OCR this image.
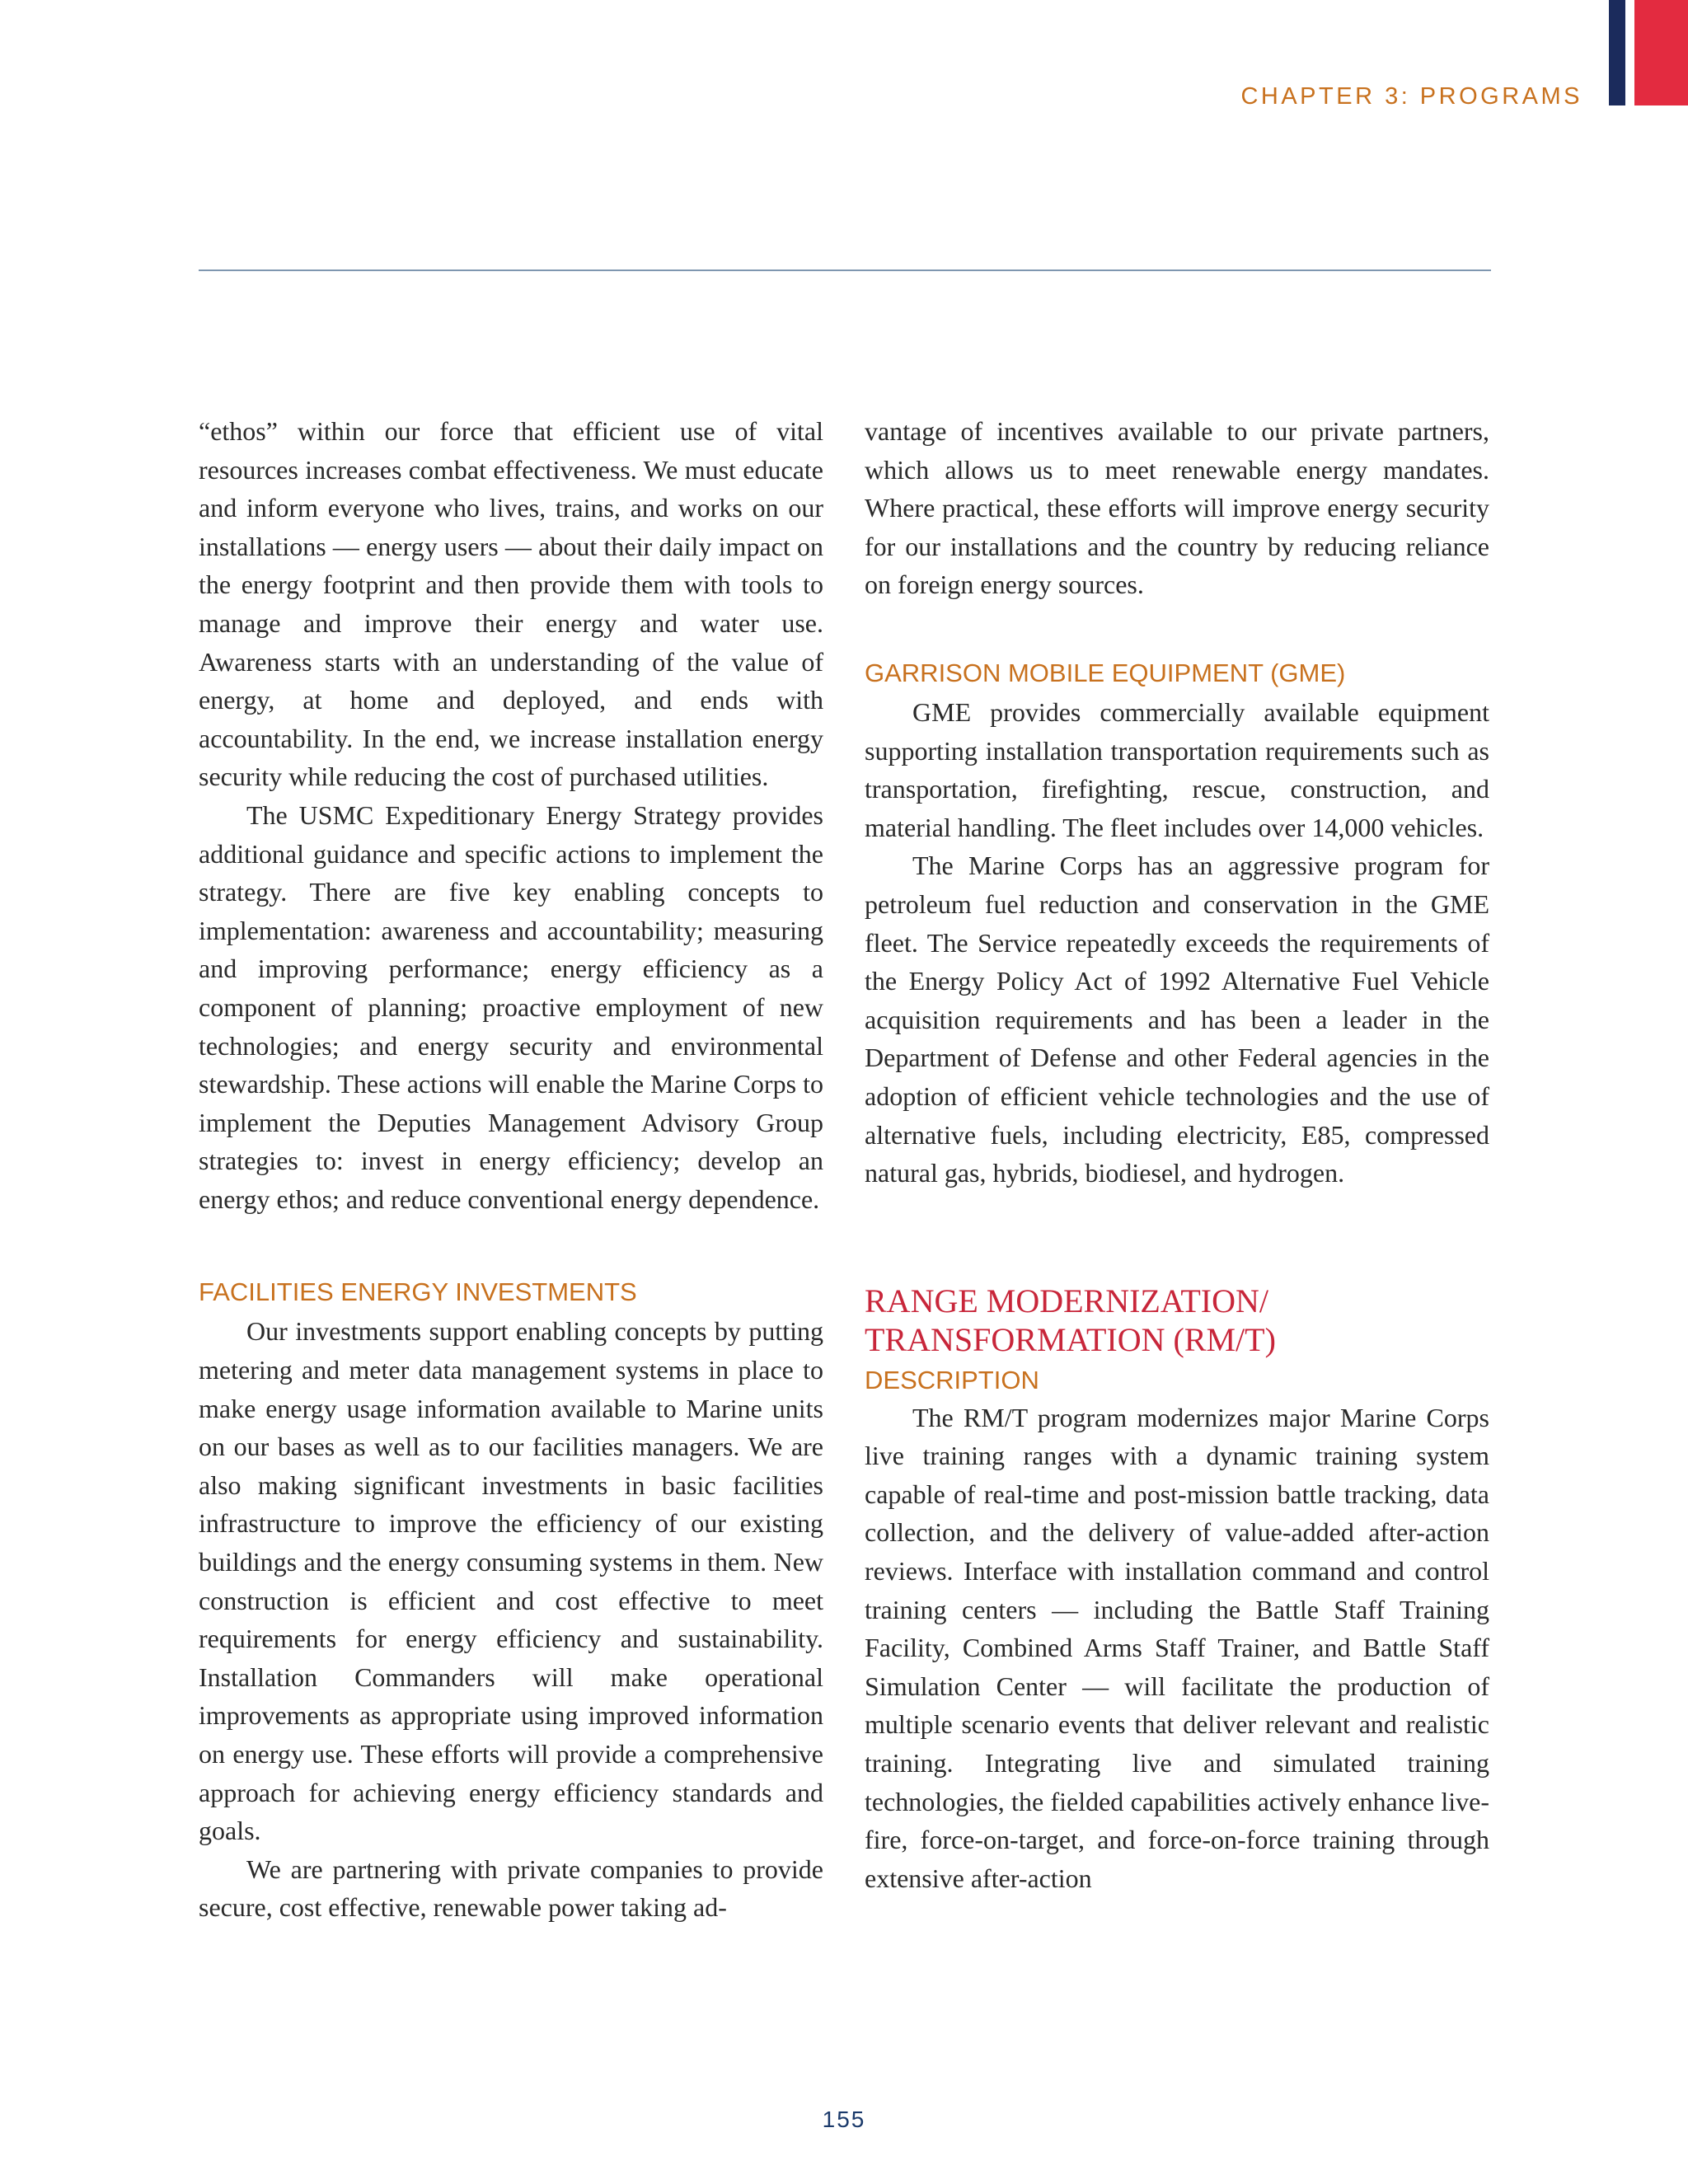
CHAPTER 3: PROGRAMS

“ethos” within our force that efficient use of vital resources increases combat effectiveness. We must educate and inform everyone who lives, trains, and works on our installations — energy users — about their daily impact on the energy footprint and then provide them with tools to manage and improve their energy and water use. Awareness starts with an understanding of the value of energy, at home and deployed, and ends with accountability. In the end, we increase installation energy security while reducing the cost of purchased utilities.

The USMC Expeditionary Energy Strategy provides additional guidance and specific actions to implement the strategy. There are five key enabling concepts to implementation: awareness and accountability; measuring and improving performance; energy efficiency as a component of planning; proactive employment of new technologies; and energy security and environmental stewardship. These actions will enable the Marine Corps to implement the Deputies Management Advisory Group strategies to: invest in energy efficiency; develop an energy ethos; and reduce conventional energy dependence.

FACILITIES ENERGY INVESTMENTS

Our investments support enabling concepts by putting metering and meter data management systems in place to make energy usage information available to Marine units on our bases as well as to our facilities managers. We are also making significant investments in basic facilities infrastructure to improve the efficiency of our existing buildings and the energy consuming systems in them. New construction is efficient and cost effective to meet requirements for energy efficiency and sustainability. Installation Commanders will make operational improvements as appropriate using improved information on energy use. These efforts will provide a comprehensive approach for achieving energy efficiency standards and goals.

We are partnering with private companies to provide secure, cost effective, renewable power taking ad-

vantage of incentives available to our private partners, which allows us to meet renewable energy mandates. Where practical, these efforts will improve energy security for our installations and the country by reducing reliance on foreign energy sources.

GARRISON MOBILE EQUIPMENT (GME)

GME provides commercially available equipment supporting installation transportation requirements such as transportation, firefighting, rescue, construction, and material handling. The fleet includes over 14,000 vehicles.

The Marine Corps has an aggressive program for petroleum fuel reduction and conservation in the GME fleet. The Service repeatedly exceeds the requirements of the Energy Policy Act of 1992 Alternative Fuel Vehicle acquisition requirements and has been a leader in the Department of Defense and other Federal agencies in the adoption of efficient vehicle technologies and the use of alternative fuels, including electricity, E85, compressed natural gas, hybrids, biodiesel, and hydrogen.

RANGE MODERNIZATION/
TRANSFORMATION (RM/T)
DESCRIPTION

The RM/T program modernizes major Marine Corps live training ranges with a dynamic training system capable of real-time and post-mission battle tracking, data collection, and the delivery of value-added after-action reviews. Interface with installation command and control training centers — including the Battle Staff Training Facility, Combined Arms Staff Trainer, and Battle Staff Simulation Center — will facilitate the production of multiple scenario events that deliver relevant and realistic training. Integrating live and simulated training technologies, the fielded capabilities actively enhance live-fire, force-on-target, and force-on-force training through extensive after-action

155
